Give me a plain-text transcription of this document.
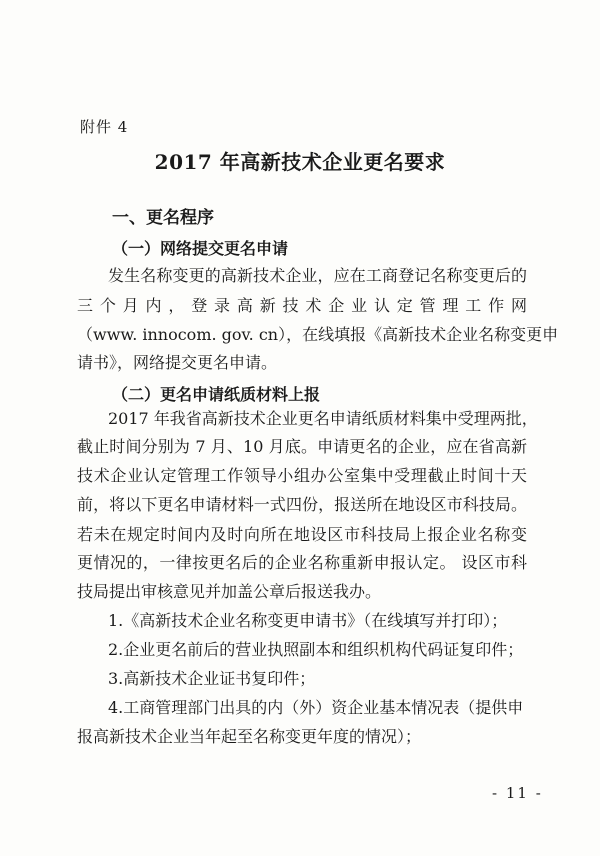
附件 4
2017 年高新技术企业更名要求
一、更名程序
（一）网络提交更名申请
发生名称变更的高新技术企业，应在工商登记名称变更后的
三 个 月 内 ， 登 录 高 新 技 术 企 业 认 定 管 理 工 作 网
（www. innocom. gov. cn），在线填报《高新技术企业名称变更申
请书》，网络提交更名申请。
（二）更名申请纸质材料上报
2017 年我省高新技术企业更名申请纸质材料集中受理两批，
截止时间分别为 7 月、10 月底。申请更名的企业，应在省高新
技术企业认定管理工作领导小组办公室集中受理截止时间十天
前，将以下更名申请材料一式四份，报送所在地设区市科技局。
若未在规定时间内及时向所在地设区市科技局上报企业名称变
更情况的，一律按更名后的企业名称重新申报认定。 设区市科
技局提出审核意见并加盖公章后报送我办。
1.《高新技术企业名称变更申请书》（在线填写并打印）；
2.企业更名前后的营业执照副本和组织机构代码证复印件；
3.高新技术企业证书复印件；
4.工商管理部门出具的内（外）资企业基本情况表（提供申
报高新技术企业当年起至名称变更年度的情况）；
- 11 -
